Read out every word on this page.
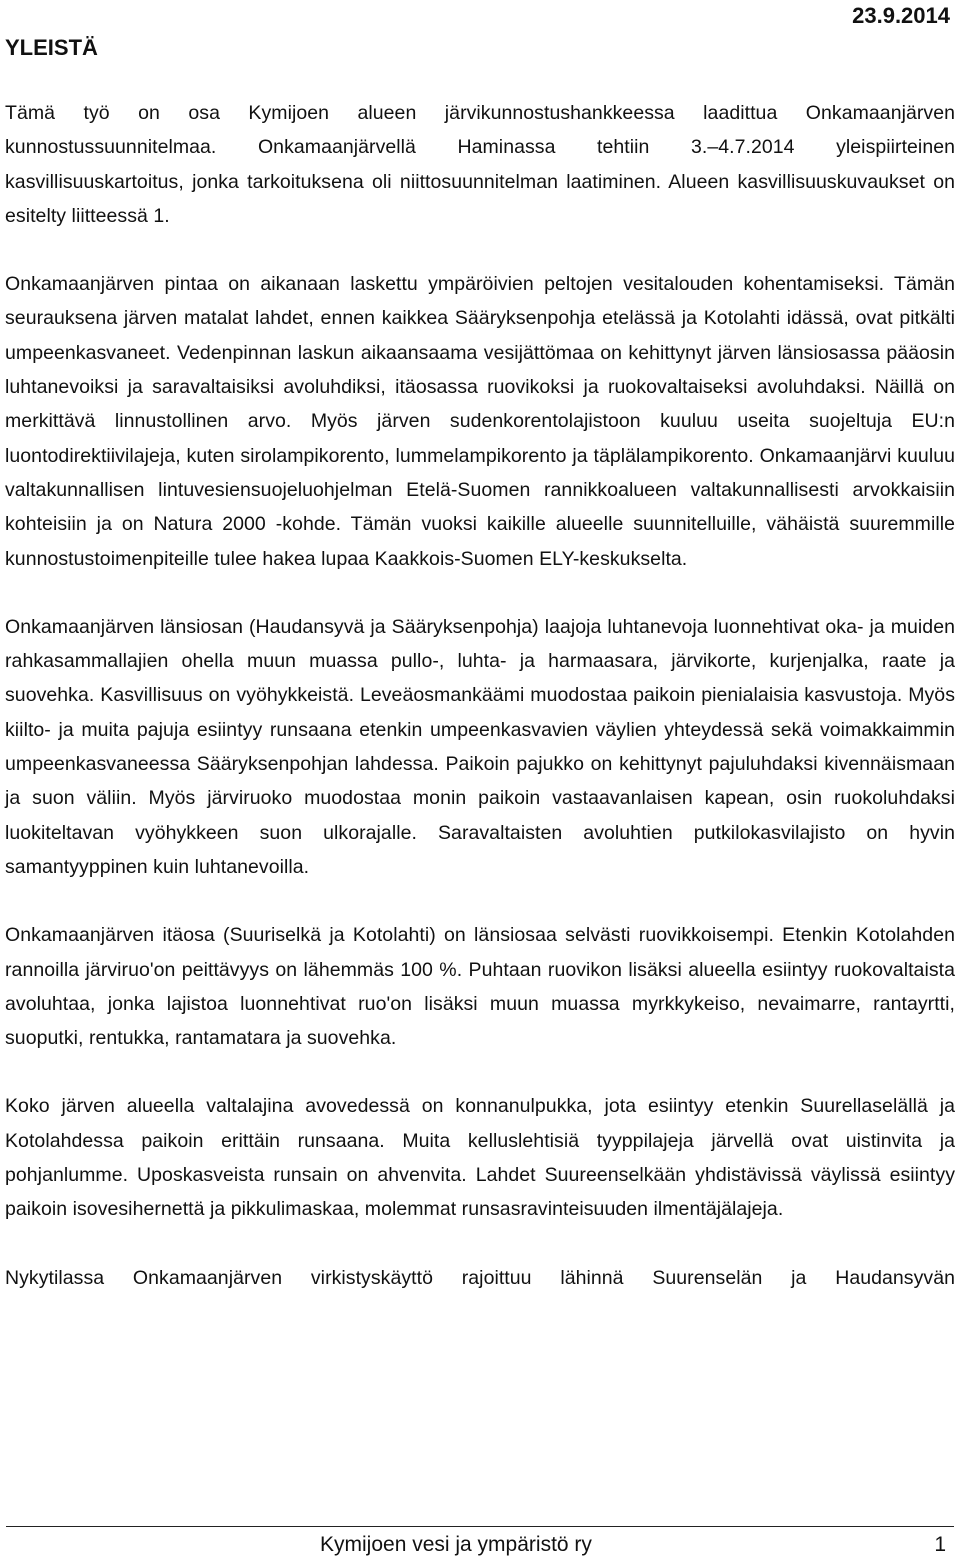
YLEISTÄ
23.9.2014

Tämä työ on osa Kymijoen alueen järvikunnostushankkeessa laadittua Onkamaanjärven kunnostussuunnitelmaa. Onkamaanjärvellä Haminassa tehtiin 3.–4.7.2014 yleispiirteinen kasvillisuuskartoitus, jonka tarkoituksena oli niittosuunnitelman laatiminen. Alueen kasvillisuuskuvaukset on esitelty liitteessä 1.

Onkamaanjärven pintaa on aikanaan laskettu ympäröivien peltojen vesitalouden kohentamiseksi. Tämän seurauksena järven matalat lahdet, ennen kaikkea Sääryksenpohja etelässä ja Kotolahti idässä, ovat pitkälti umpeenkasvaneet. Vedenpinnan laskun aikaansaama vesijättömaa on kehittynyt järven länsiosassa pääosin luhtanevoiksi ja saravaltaisiksi avoluhdiksi, itäosassa ruovikoksi ja ruokovaltaiseksi avoluhdaksi. Näillä on merkittävä linnustollinen arvo. Myös järven sudenkorentolajistoon kuuluu useita suojeltuja EU:n luontodirektiivilajeja, kuten sirolampikorento, lummelampikorento ja täplälampikorento. Onkamaanjärvi kuuluu valtakunnallisen lintuvesiensuojeluohjelman Etelä-Suomen rannikkoalueen valtakunnallisesti arvokkaisiin kohteisiin ja on Natura 2000 -kohde. Tämän vuoksi kaikille alueelle suunnitelluille, vähäistä suuremmille kunnostustoimenpiteille tulee hakea lupaa Kaakkois-Suomen ELY-keskukselta.

Onkamaanjärven länsiosan (Haudansyvä ja Sääryksenpohja) laajoja luhtanevoja luonnehtivat oka- ja muiden rahkasammallajien ohella muun muassa pullo-, luhta- ja harmaasara, järvikorte, kurjenjalka, raate ja suovehka. Kasvillisuus on vyöhykkeistä. Leveäosmankäämi muodostaa paikoin pienialaisia kasvustoja. Myös kiilto- ja muita pajuja esiintyy runsaana etenkin umpeenkasvavien väylien yhteydessä sekä voimakkaimmin umpeenkasvaneessa Sääryksenpohjan lahdessa. Paikoin pajukko on kehittynyt pajuluhdaksi kivennäismaan ja suon väliin. Myös järviruoko muodostaa monin paikoin vastaavanlaisen kapean, osin ruokoluhdaksi luokiteltavan vyöhykkeen suon ulkorajalle. Saravaltaisten avoluhtien putkilokasvilajisto on hyvin samantyyppinen kuin luhtanevoilla.

Onkamaanjärven itäosa (Suuriselkä ja Kotolahti) on länsiosaa selvästi ruovikkoisempi. Etenkin Kotolahden rannoilla järviruo'on peittävyys on lähemmäs 100 %. Puhtaan ruovikon lisäksi alueella esiintyy ruokovaltaista avoluhtaa, jonka lajistoa luonnehtivat ruo'on lisäksi muun muassa myrkkykeiso, nevaimarre, rantayrtti, suoputki, rentukka, rantamatara ja suovehka.

Koko järven alueella valtalajina avovedessä on konnanulpukka, jota esiintyy etenkin Suurellaselällä ja Kotolahdessa paikoin erittäin runsaana. Muita kelluslehtisiä tyyppilajeja järvellä ovat uistinvita ja pohjanlumme. Uposkasveista runsain on ahvenvita. Lahdet Suureenselkään yhdistävissä väylissä esiintyy paikoin isovesihernettä ja pikkulimaskaa, molemmat runsasravinteisuuden ilmentäjälajeja.

Nykytilassa Onkamaanjärven virkistyskäyttö rajoittuu lähinnä Suurenselän ja Haudansyvän

Kymijoen vesi ja ympäristö ry	1
